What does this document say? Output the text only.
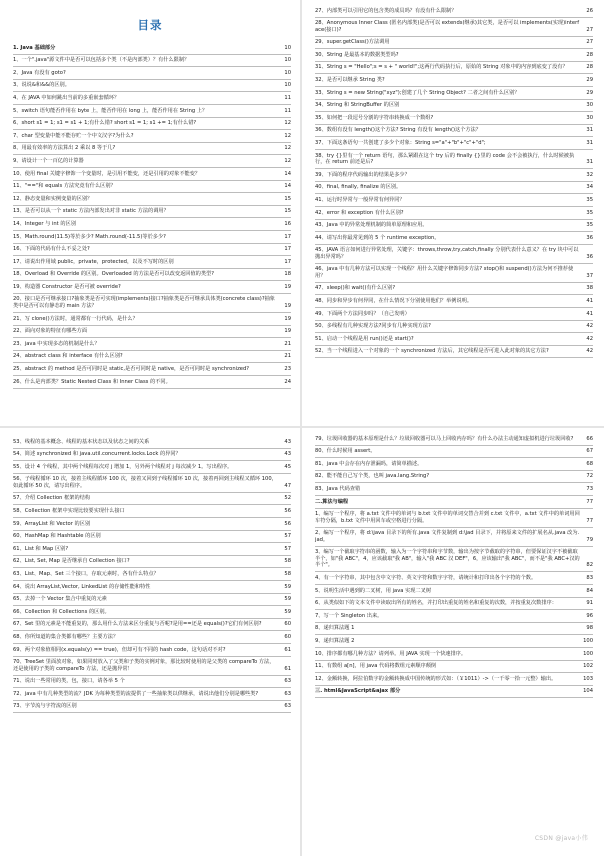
目录
1. Java 基础部分	10
1、一个".java"源文件中是否可以包括多个类（不是内部类）？有什么限制？	10
2、Java 有没有 goto?	10
3、说说&和&&的区别。	10
4、在 JAVA 中如何跳出当前的多重嵌套循环？	11
5、switch 语句能否作用在 byte 上，能否作用在 long 上，能否作用在 String 上？	11
6、short s1 = 1; s1 = s1 + 1;有什么错? short s1 = 1; s1 += 1;有什么错?	12
7、char 型变量中能不能存贮一个中文汉字?为什么?	12
8、用最有效率的方法算出 2 乘以 8 等于几?	12
9、请设计一个一百亿的计算器	12
10、使用 final 关键字修饰一个变量时，是引用不能变，还是引用的对象不能变？	14
11、"=="和 equals 方法究竟有什么区别？	14
12、静态变量和实例变量的区别？	15
13、是否可以从一个 static 方法内部发出对非 static 方法的调用？	15
14、Integer 与 int 的区别	16
15、Math.round(11.5)等於多少? Math.round(-11.5)等於多少?	17
16、下面的代码有什么不妥之处?	17
17、请说出作用域 public，private，protected，以及不写时的区别	17
18、Overload 和 Override 的区别。Overloaded 的方法是否可以改变返回值的类型?	18
19、构造器 Constructor 是否可被 override?	19
20、接口是否可继承接口?抽象类是否可实现(implements)接口?抽象类是否可继承具体类(concrete class)?抽象类中是否可以有静态的 main 方法？	19
21、写 clone()方法时，通常都有一行代码，是什么？	19
22、面向对象的特征有哪些方面	19
23、java 中实现多态的机制是什么？	21
24、abstract class 和 interface 有什么区别?	21
25、abstract 的 method 是否可同时是 static,是否可同时是 native，是否可同时是 synchronized?	23
26、什么是内部类？Static Nested Class 和 Inner Class 的不同。	24
27、内部类可以引用它的包含类的成员吗？有没有什么限制？	26
28、Anonymous Inner Class (匿名内部类)是否可以 extends(继承)其它类，是否可以 implements(实现)interface(接口)?	27
29、super.getClass()方法调用	27
30、String 是最基本的数据类型吗?	28
31、String s = "Hello";s = s + " world!";这两行代码执行后，原始的 String 对象中的内容到底变了没有？	28
32、是否可以继承 String 类?	29
33、String s = new String("xyz");创建了几个 String Object? 二者之间有什么区别？	29
34、String 和 StringBuffer 的区别	30
35、如何把一段逗号分割的字符串转换成一个数组?	30
36、数组有没有 length()这个方法? String 有没有 length()这个方法？	31
37、下面这条语句一共创建了多少个对象：String s="a"+"b"+"c"+"d";	31
38、try {}里有一个 return 语句，那么紧跟在这个 try 后的 finally {}里的 code 会不会被执行，什么时候被执行，在 return 前还是后?	31
39、下面的程序代码输出的结果是多少？	32
40、final, finally, finalize 的区别。	34
41、运行时异常与一般异常有何异同？	35
42、error 和 exception 有什么区别?	35
43、Java 中的异常处理机制的简单原理和应用。	35
44、请写出你最常见到的 5 个 runtime exception。	36
45、JAVA 语言如何进行异常处理，关键字：throws,throw,try,catch,finally 分别代表什么意义？在 try 块中可以抛出异常吗？	36
46、java 中有几种方法可以实现一个线程？用什么关键字修饰同步方法? stop()和 suspend()方法为何不推荐使用？	37
47、sleep()和 wait()有什么区别?	38
48、同步和异步有何异同，在什么情况下分别使用他们？举例说明。	41
49、下面两个方法同步吗？（自己发明）	41
50、多线程有几种实现方法?同步有几种实现方法?	42
51、启动一个线程是用 run()还是 start()?	42
52、当一个线程进入一个对象的一个 synchronized 方法后，其它线程是否可进入此对象的其它方法?	42
53、线程的基本概念、线程的基本状态以及状态之间的关系	43
54、简述 synchronized 和 java.util.concurrent.locks.Lock 的异同？	43
55、设计 4 个线程，其中两个线程每次对 j 增加 1，另外两个线程对 j 每次减少 1。写出程序。	45
56、子线程循环 10 次，接着主线程循环 100 次，接着又回到子线程循环 10 次，接着再回到主线程又循环 100，如此循环 50 次，请写出程序。	47
57、介绍 Collection 框架的结构	52
58、Collection 框架中实现比较要实现什么接口	56
59、ArrayList 和 Vector 的区别	56
60、HashMap 和 Hashtable 的区别	57
61、List 和 Map 区别?	57
62、List, Set, Map 是否继承自 Collection 接口?	58
63、List、Map、Set 三个接口，存取元素时，各有什么特点？	58
64、说出 ArrayList,Vector, LinkedList 的存储性能和特性	59
65、去掉一个 Vector 集合中重复的元素	59
66、Collection 和 Collections 的区别。	59
67、Set 里的元素是不能重复的，那么用什么方法来区分重复与否呢?是用==还是 equals()?它们有何区别?	60
68、你所知道的集合类都有哪些？主要方法？	60
69、两个对象值相同(x.equals(y) == true)，但却可有不同的 hash code，这句话对不对?	61
70、TreeSet 里面放对象，如果同时放入了父类和子类的实例对象，那比较时使用的是父类的 compareTo 方法，还是使用的子类的 compareTo 方法，还是抛异常！	61
71、说出一些常用的类，包，接口，请各举 5 个	63
72、java 中有几种类型的流？JDK 为每种类型的流提供了一些抽象类以供继承，请说出他们分别是哪些类?	63
73、字节流与字符流的区别	63
79、垃圾回收器的基本原理是什么？垃圾回收器可以马上回收内存吗？有什么办法主动通知虚拟机进行垃圾回收?	66
80、什么时候用 assert。	67
81、java 中会存在内存泄漏吗，请简单描述。	68
82、能不能自己写个类，也叫 java.lang.String?	72
83、Java 代码查错	73
二.算法与编程	77
1、编写一个程序，将 a.txt 文件中的单词与 b.txt 文件中的单词交替合并到 c.txt 文件中，a.txt 文件中的单词用回车符分隔，b.txt 文件中用回车或空格进行分隔。	77
2、编写一个程序，将 d:\java 目录下的所有.java 文件复制到 d:\jad 目录下，并将原来文件的扩展名从.java 改为.jad。	79
3、编写一个截取字符串的函数，输入为一个字符串和字节数，输出为按字节截取的字符串，但要保证汉字不被截取半个，如"我 ABC"，4，应该截取"我 AB"，输入"我 ABC 汉 DEF"，6，应该输出"我 ABC"，而不是"我 ABC+汉的半个"。	82
4、有一个字符串，其中包含中文字符、英文字符和数字字符，请统计和打印出各个字符的个数。	83
5、说明生活中遇到的二叉树，用 java 实现二叉树	84
6、从类似如下的文本文件中读取出所有的姓名，并打印出重复的姓名和重复的次数，并按重复次数排序：	91
7、写一个 Singleton 出来。	96
8、递归算法题 1	98
9、递归算法题 2	100
10、排序都有哪几种方法？请列举。用 JAVA 实现一个快速排序。	100
11、有数组 a[n]，用 java 代码将数组元素顺序颠倒	102
12、金额转换，阿拉伯数字的金额转换成中国传统的形式如：（￥1011）->（一千零一拾一元整）输出。	103
三. html&JavaScript&ajax 部分	104
CSDN @java小伟
